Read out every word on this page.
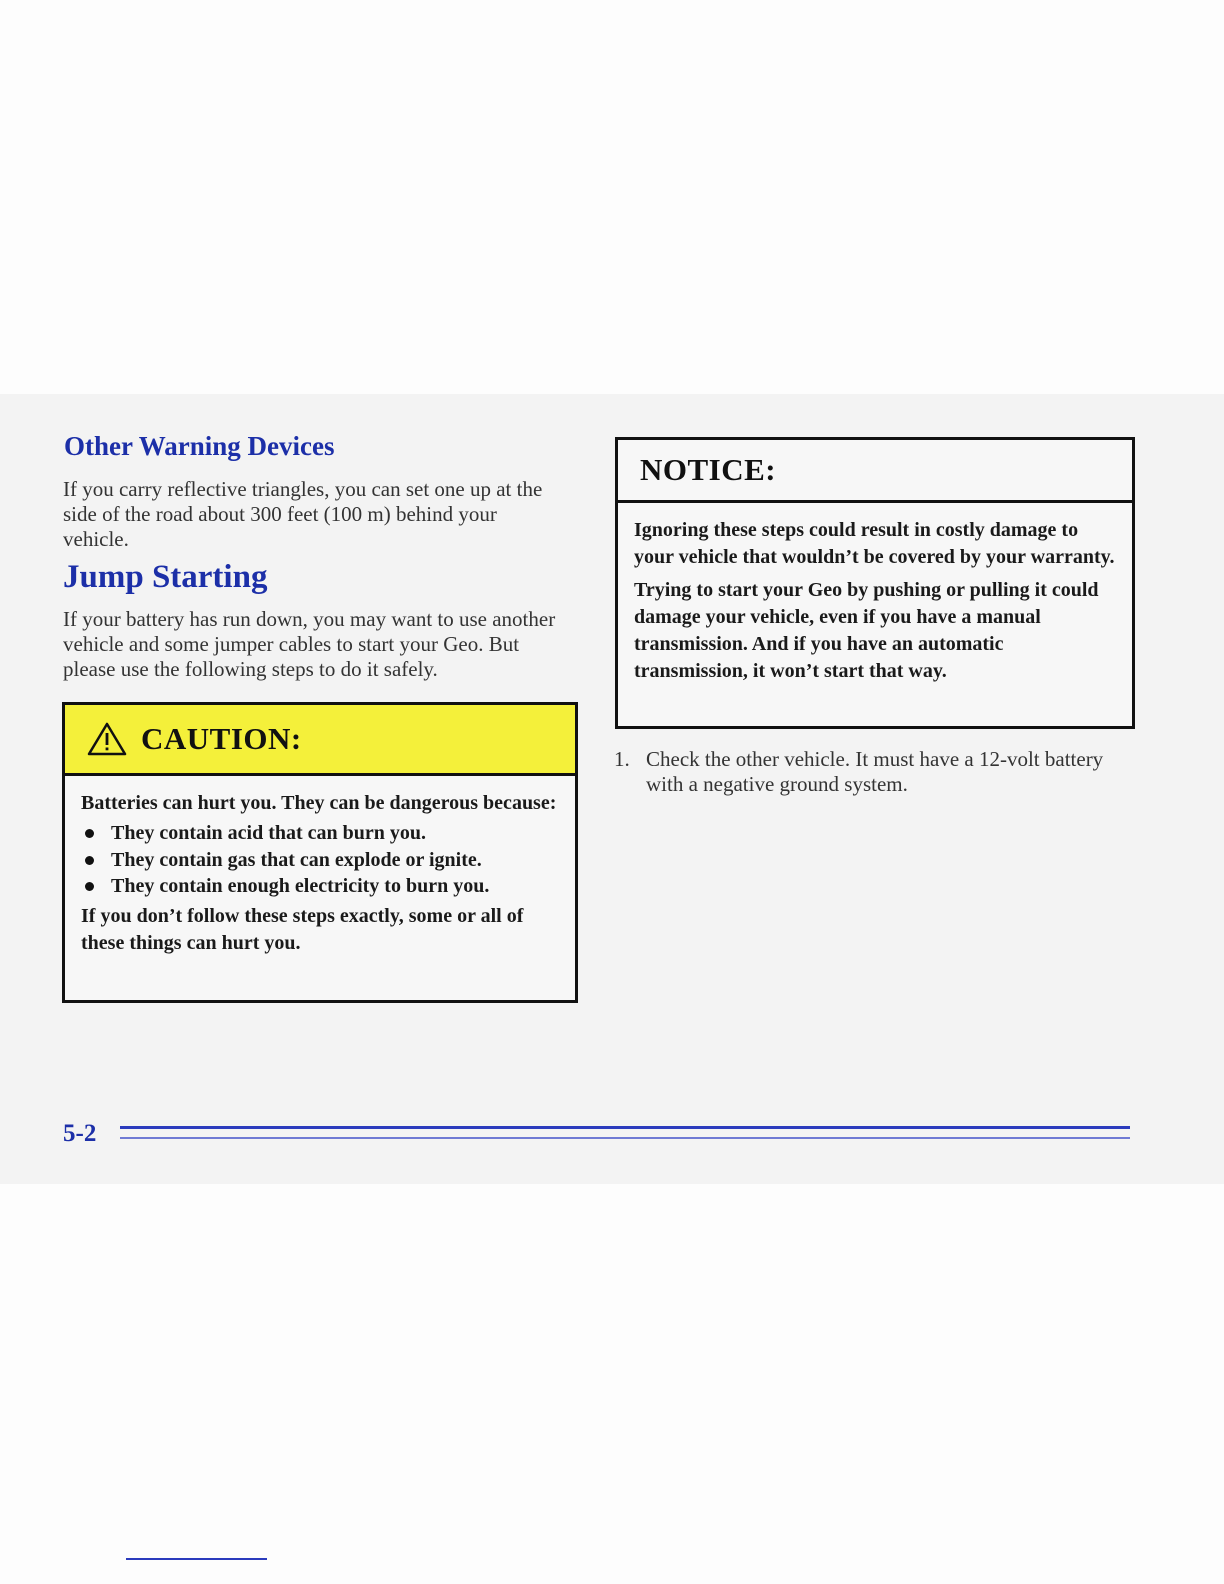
Other Warning Devices

If you carry reflective triangles, you can set one up at the side of the road about 300 feet (100 m) behind your vehicle.

Jump Starting

If your battery has run down, you may want to use another vehicle and some jumper cables to start your Geo. But please use the following steps to do it safely.

CAUTION:

Batteries can hurt you. They can be dangerous because:

They contain acid that can burn you.
They contain gas that can explode or ignite.
They contain enough electricity to burn you.

If you don’t follow these steps exactly, some or all of these things can hurt you.

NOTICE:

Ignoring these steps could result in costly damage to your vehicle that wouldn’t be covered by your warranty.

Trying to start your Geo by pushing or pulling it could damage your vehicle, even if you have a manual transmission. And if you have an automatic transmission, it won’t start that way.

1. Check the other vehicle. It must have a 12-volt battery with a negative ground system.
5-2
